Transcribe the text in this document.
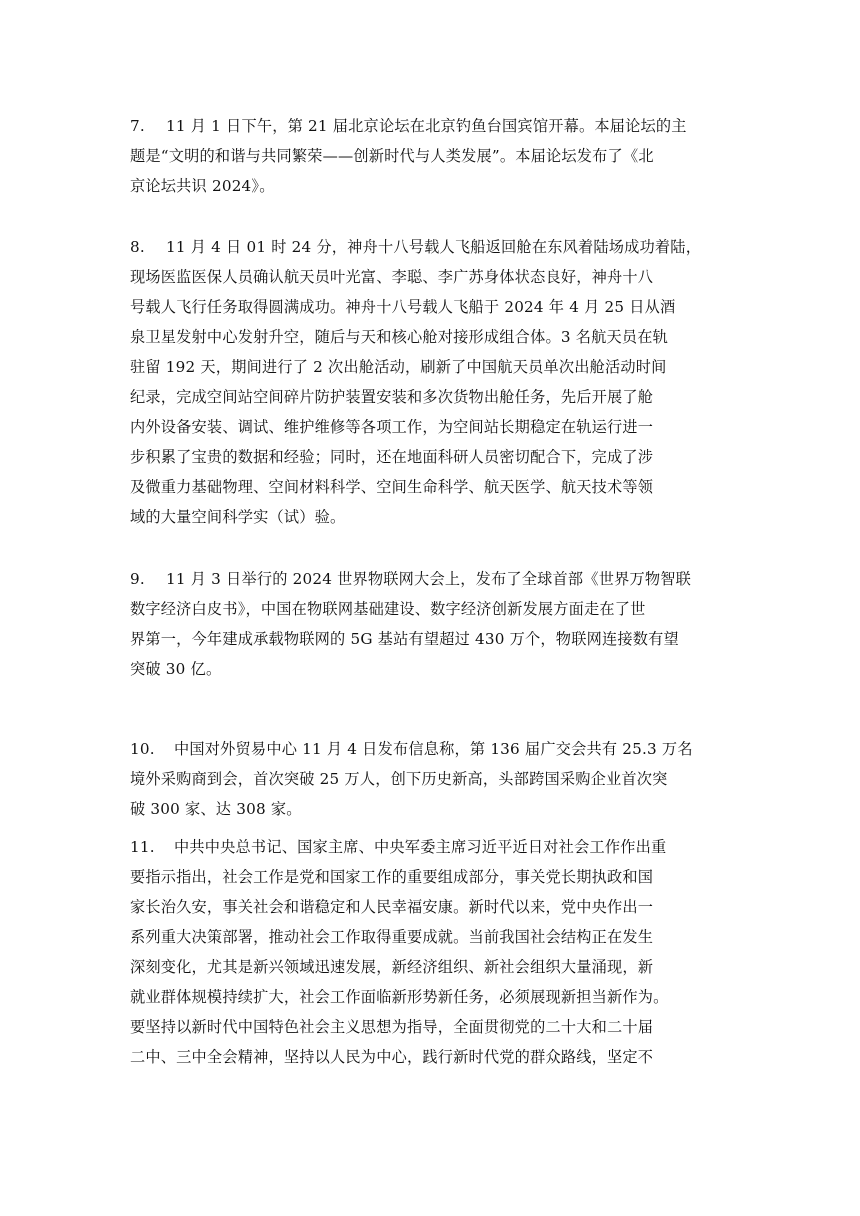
7. 11 月 1 日下午，第 21 届北京论坛在北京钓鱼台国宾馆开幕。本届论坛的主
题是“文明的和谐与共同繁荣——创新时代与人类发展”。本届论坛发布了《北
京论坛共识 2024》。
8. 11 月 4 日 01 时 24 分，神舟十八号载人飞船返回舱在东风着陆场成功着陆，
现场医监医保人员确认航天员叶光富、李聪、李广苏身体状态良好，神舟十八
号载人飞行任务取得圆满成功。神舟十八号载人飞船于 2024 年 4 月 25 日从酒
泉卫星发射中心发射升空，随后与天和核心舱对接形成组合体。3 名航天员在轨
驻留 192 天，期间进行了 2 次出舱活动，刷新了中国航天员单次出舱活动时间
纪录，完成空间站空间碎片防护装置安装和多次货物出舱任务，先后开展了舱
内外设备安装、调试、维护维修等各项工作，为空间站长期稳定在轨运行进一
步积累了宝贵的数据和经验；同时，还在地面科研人员密切配合下，完成了涉
及微重力基础物理、空间材料科学、空间生命科学、航天医学、航天技术等领
域的大量空间科学实（试）验。
9. 11 月 3 日举行的 2024 世界物联网大会上，发布了全球首部《世界万物智联
数字经济白皮书》，中国在物联网基础建设、数字经济创新发展方面走在了世
界第一，今年建成承载物联网的 5G 基站有望超过 430 万个，物联网连接数有望
突破 30 亿。
10. 中国对外贸易中心 11 月 4 日发布信息称，第 136 届广交会共有 25.3 万名
境外采购商到会，首次突破 25 万人，创下历史新高，头部跨国采购企业首次突
破 300 家、达 308 家。
11. 中共中央总书记、国家主席、中央军委主席习近平近日对社会工作作出重
要指示指出，社会工作是党和国家工作的重要组成部分，事关党长期执政和国
家长治久安，事关社会和谐稳定和人民幸福安康。新时代以来，党中央作出一
系列重大决策部署，推动社会工作取得重要成就。当前我国社会结构正在发生
深刻变化，尤其是新兴领域迅速发展，新经济组织、新社会组织大量涌现，新
就业群体规模持续扩大，社会工作面临新形势新任务，必须展现新担当新作为。
要坚持以新时代中国特色社会主义思想为指导，全面贯彻党的二十大和二十届
二中、三中全会精神，坚持以人民为中心，践行新时代党的群众路线，坚定不
